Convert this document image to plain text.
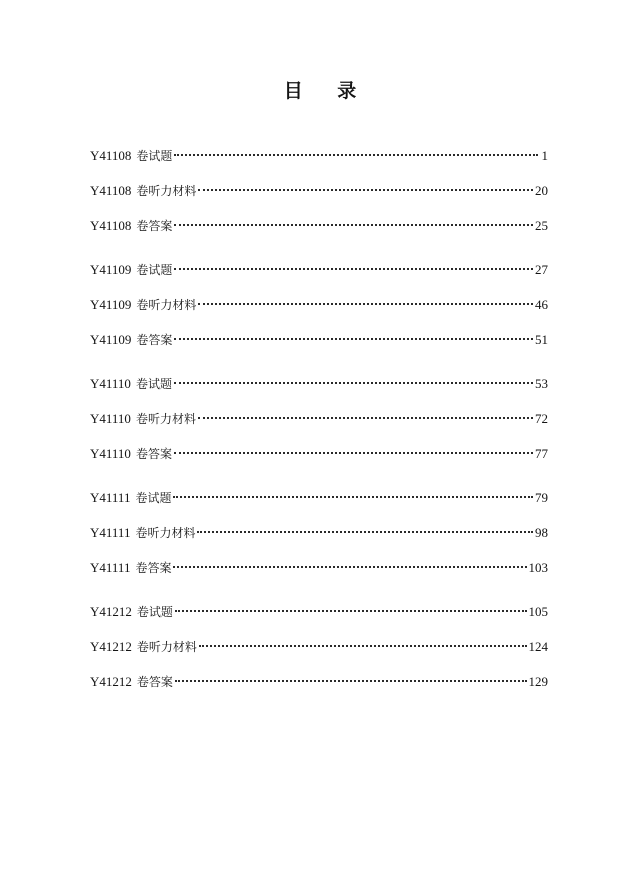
目 录
Y41108 卷试题	1
Y41108 卷听力材料	20
Y41108 卷答案	25
Y41109 卷试题	27
Y41109 卷听力材料	46
Y41109 卷答案	51
Y41110 卷试题	53
Y41110 卷听力材料	72
Y41110 卷答案	77
Y41111 卷试题	79
Y41111 卷听力材料	98
Y41111 卷答案	103
Y41212 卷试题	105
Y41212 卷听力材料	124
Y41212 卷答案	129
